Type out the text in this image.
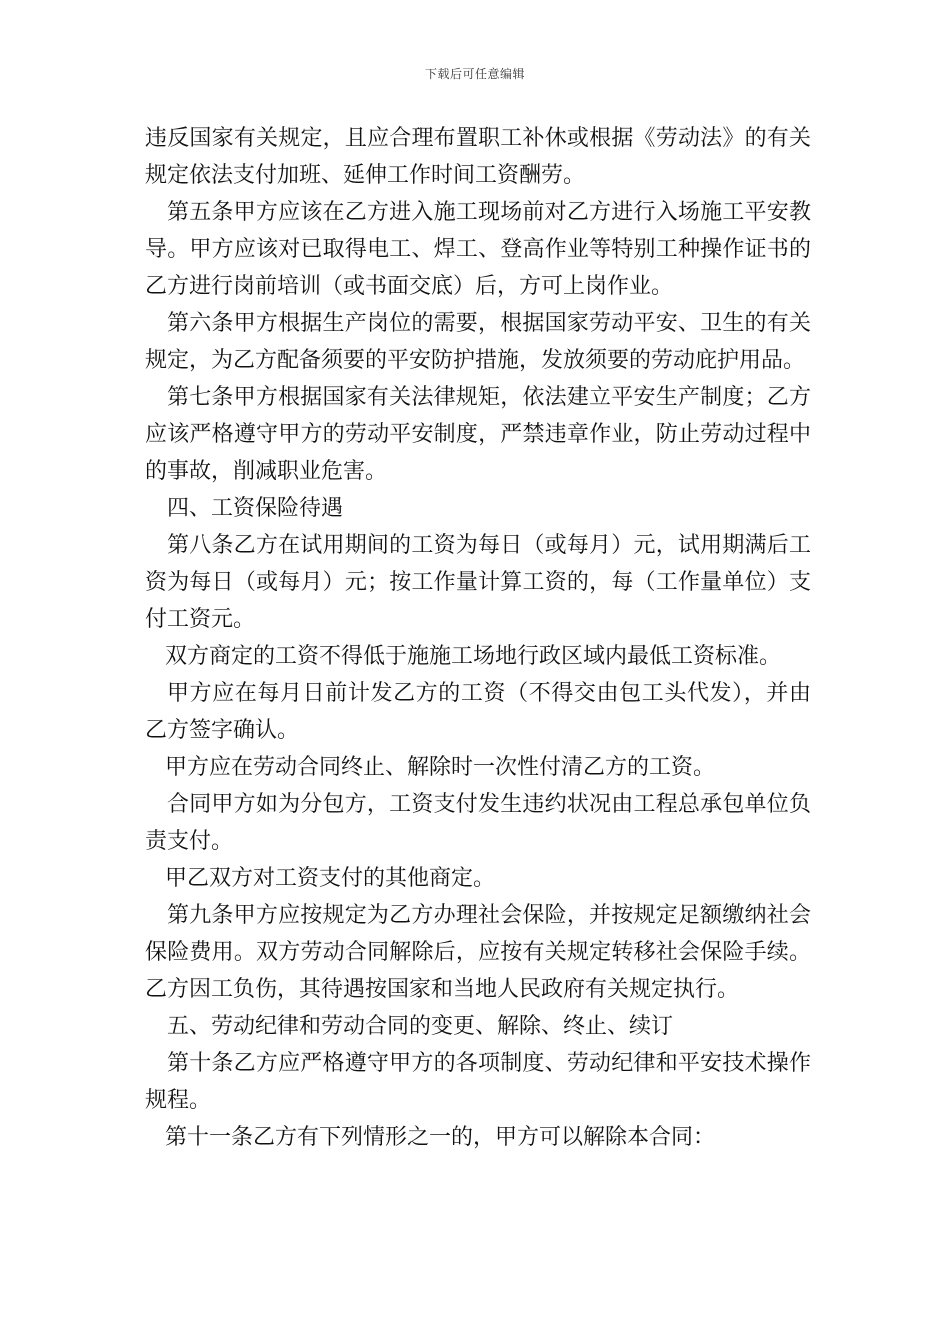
下载后可任意编辑

违反国家有关规定，且应合理布置职工补休或根据《劳动法》的有关规定依法支付加班、延伸工作时间工资酬劳。

第五条甲方应该在乙方进入施工现场前对乙方进行入场施工平安教导。甲方应该对已取得电工、焊工、登高作业等特别工种操作证书的乙方进行岗前培训（或书面交底）后，方可上岗作业。

第六条甲方根据生产岗位的需要，根据国家劳动平安、卫生的有关规定，为乙方配备须要的平安防护措施，发放须要的劳动庇护用品。

第七条甲方根据国家有关法律规矩，依法建立平安生产制度；乙方应该严格遵守甲方的劳动平安制度，严禁违章作业，防止劳动过程中的事故，削减职业危害。

四、工资保险待遇

第八条乙方在试用期间的工资为每日（或每月）元，试用期满后工资为每日（或每月）元；按工作量计算工资的，每（工作量单位）支付工资元。

双方商定的工资不得低于施施工场地行政区域内最低工资标准。

甲方应在每月日前计发乙方的工资（不得交由包工头代发），并由乙方签字确认。

甲方应在劳动合同终止、解除时一次性付清乙方的工资。

合同甲方如为分包方，工资支付发生违约状况由工程总承包单位负责支付。

甲乙双方对工资支付的其他商定。

第九条甲方应按规定为乙方办理社会保险，并按规定足额缴纳社会保险费用。双方劳动合同解除后，应按有关规定转移社会保险手续。乙方因工负伤，其待遇按国家和当地人民政府有关规定执行。

五、劳动纪律和劳动合同的变更、解除、终止、续订

第十条乙方应严格遵守甲方的各项制度、劳动纪律和平安技术操作规程。

第十一条乙方有下列情形之一的，甲方可以解除本合同：
